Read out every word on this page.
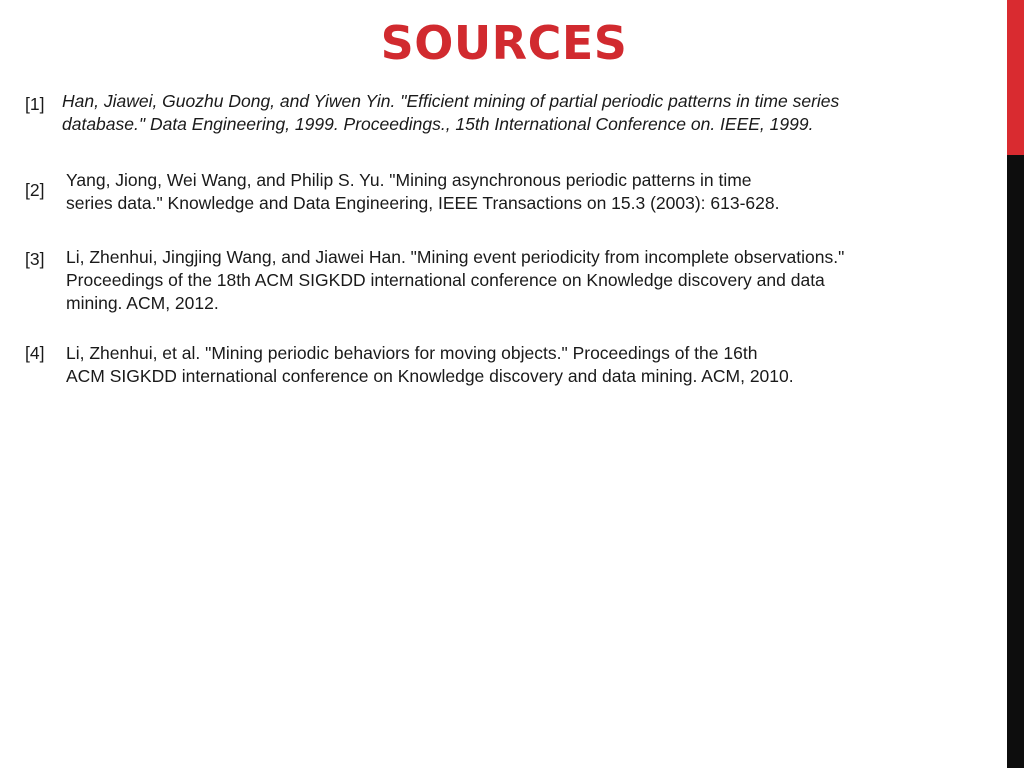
SOURCES
[1] Han, Jiawei, Guozhu Dong, and Yiwen Yin. "Efficient mining of partial periodic patterns in time series
database." Data Engineering, 1999. Proceedings., 15th International Conference on. IEEE, 1999.
[2] Yang, Jiong, Wei Wang, and Philip S. Yu. "Mining asynchronous periodic patterns in time
series data." Knowledge and Data Engineering, IEEE Transactions on 15.3 (2003): 613-628.
[3] Li, Zhenhui, Jingjing Wang, and Jiawei Han. "Mining event periodicity from incomplete observations."
Proceedings of the 18th ACM SIGKDD international conference on Knowledge discovery and data
mining. ACM, 2012.
[4] Li, Zhenhui, et al. "Mining periodic behaviors for moving objects." Proceedings of the 16th
ACM SIGKDD international conference on Knowledge discovery and data mining. ACM, 2010.
